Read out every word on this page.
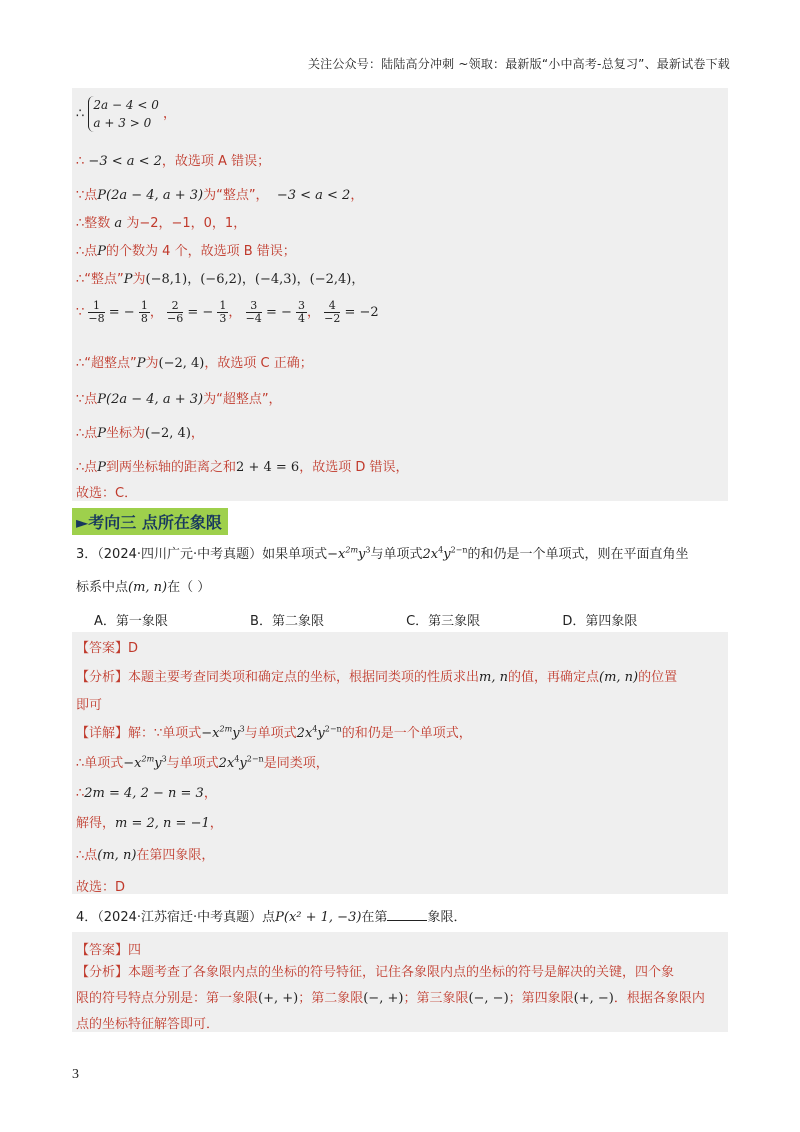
关注公众号：陆陆高分冲刺 ~领取：最新版“小中高考-总复习”、最新试卷下载
∴
2a − 4 < 0
a + 3 > 0
，
∴ −3 < a < 2，故选项 A 错误；
∵点P(2a − 4, a + 3)为“整点”， −3 < a < 2，
∴整数 a 为−2，−1，0，1，
∴点P的个数为 4 个，故选项 B 错误；
∴“整点”P为(−8,1)，(−6,2)，(−4,3)，(−2,4)，
∵ $\frac{1}{-8}$ = − $\frac{1}{8}$， $\frac{2}{-6}$ = − $\frac{1}{3}$， $\frac{3}{-4}$ = − $\frac{3}{4}$， $\frac{4}{-2} = -2$
∴“超整点”P为(−2, 4)，故选项 C 正确；
∵点P(2a − 4, a + 3)为“超整点”，
∴点P坐标为(−2, 4)，
∴点P到两坐标轴的距离之和2 + 4 = 6，故选项 D 错误，
故选：C．
►考向三 点所在象限
3．（2024·四川广元·中考真题）如果单项式$-x^{2m}y^3$与单项式$2x^4y^{2-n}$的和仍是一个单项式，则在平面直角坐
标系中点(m, n)在（ ）
A．第一象限	B．第二象限	C．第三象限	D．第四象限
【答案】D
【分析】本题主要考查同类项和确定点的坐标，根据同类项的性质求出m, n的值，再确定点(m, n)的位置
即可
【详解】解：∵单项式$-x^{2m}y^3$与单项式$2x^4y^{2-n}$的和仍是一个单项式，
∴单项式$-x^{2m}y^3$与单项式$2x^4y^{2-n}$是同类项，
∴2m = 4, 2 − n = 3，
解得，m = 2, n = −1，
∴点(m, n)在第四象限，
故选：D
4．（2024·江苏宿迁·中考真题）点P(x² + 1, −3)在第	象限．
【答案】四
【分析】本题考查了各象限内点的坐标的符号特征，记住各象限内点的坐标的符号是解决的关键，四个象
限的符号特点分别是：第一象限(+, +)；第二象限(−, +)；第三象限(−, −)；第四象限(+, −)．根据各象限内
点的坐标特征解答即可．
3
